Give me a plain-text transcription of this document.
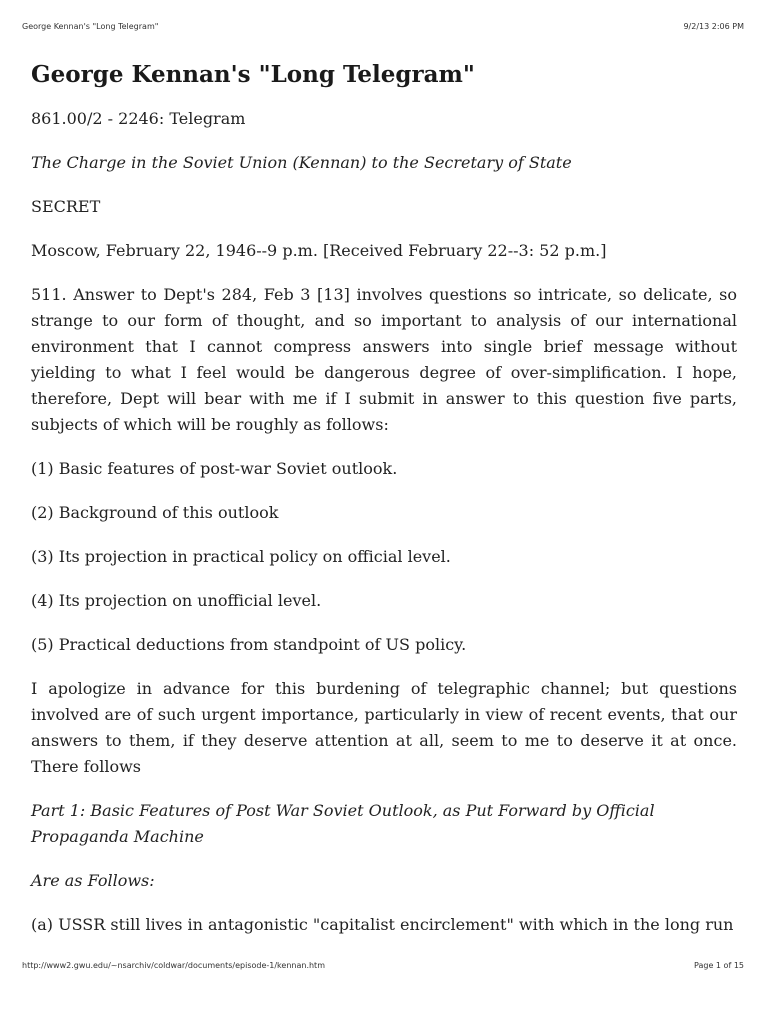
George Kennan's "Long Telegram"	9/2/13 2:06 PM
George Kennan's "Long Telegram"

861.00/2 - 2246: Telegram

The Charge in the Soviet Union (Kennan) to the Secretary of State

SECRET

Moscow, February 22, 1946--9 p.m. [Received February 22--3: 52 p.m.]

511. Answer to Dept's 284, Feb 3 [13] involves questions so intricate, so delicate, so strange to our form of thought, and so important to analysis of our international environment that I cannot compress answers into single brief message without yielding to what I feel would be dangerous degree of over-simplification. I hope, therefore, Dept will bear with me if I submit in answer to this question five parts, subjects of which will be roughly as follows:

(1) Basic features of post-war Soviet outlook.

(2) Background of this outlook

(3) Its projection in practical policy on official level.

(4) Its projection on unofficial level.

(5) Practical deductions from standpoint of US policy.

I apologize in advance for this burdening of telegraphic channel; but questions involved are of such urgent importance, particularly in view of recent events, that our answers to them, if they deserve attention at all, seem to me to deserve it at once. There follows

Part 1: Basic Features of Post War Soviet Outlook, as Put Forward by Official Propaganda Machine

Are as Follows:

(a) USSR still lives in antagonistic "capitalist encirclement" with which in the long run

http://www2.gwu.edu/~nsarchiv/coldwar/documents/episode-1/kennan.htm	Page 1 of 15
